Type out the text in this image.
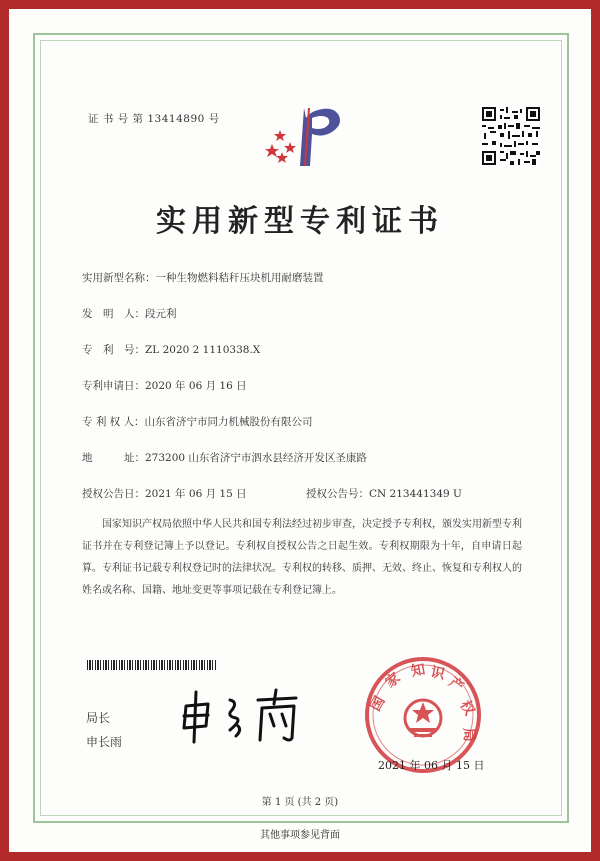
证 书 号 第 13414890 号
实用新型专利证书
实用新型名称：一种生物燃料秸秆压块机用耐磨装置
发　明　人：段元利
专　利　号：ZL 2020 2 1110338.X
专利申请日：2020 年 06 月 16 日
专 利 权 人：山东省济宁市同力机械股份有限公司
地　　　址：273200 山东省济宁市泗水县经济开发区圣康路
授权公告日：2021 年 06 月 15 日	授权公告号：CN 213441349 U
国家知识产权局依照中华人民共和国专利法经过初步审查，决定授予专利权，颁发实用新型专利证书并在专利登记簿上予以登记。专利权自授权公告之日起生效。专利权期限为十年，自申请日起算。 专利证书记载专利权登记时的法律状况。专利权的转移、质押、无效、终止、恢复和专利权人的姓名或名称、国籍、地址变更等事项记载在专利登记簿上。
局长
申长雨
国
家 知 识
产
权
局
2021 年 06 月 15 日
第 1 页 (共 2 页)
其他事项参见背面
